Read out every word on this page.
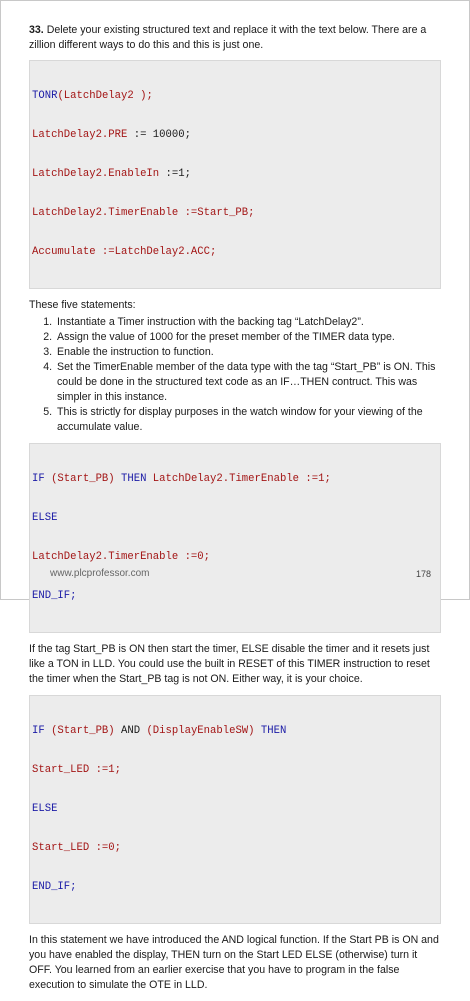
33. Delete your existing structured text and replace it with the text below. There are a zillion different ways to do this and this is just one.

TONR(LatchDelay2 );

LatchDelay2.PRE := 10000;

LatchDelay2.EnableIn :=1;

LatchDelay2.TimerEnable :=Start_PB;

Accumulate :=LatchDelay2.ACC;

These five statements:

1. Instantiate a Timer instruction with the backing tag “LatchDelay2”.
2. Assign the value of 1000 for the preset member of the TIMER data type.
3. Enable the instruction to function.
4. Set the TimerEnable member of the data type with the tag “Start_PB” is ON. This could be done in the structured text code as an IF…THEN contruct. This was simpler in this instance.
5. This is strictly for display purposes in the watch window for your viewing of the accumulate value.

IF (Start_PB) THEN LatchDelay2.TimerEnable :=1;

ELSE

LatchDelay2.TimerEnable :=0;

END_IF;

If the tag Start_PB is ON then start the timer, ELSE disable the timer and it resets just like a TON in LLD. You could use the built in RESET of this TIMER instruction to reset the timer when the Start_PB tag is not ON. Either way, it is your choice.

IF (Start_PB) AND (DisplayEnableSW) THEN

Start_LED :=1;

ELSE

Start_LED :=0;

END_IF;

In this statement we have introduced the AND logical function. If the Start PB is ON and you have enabled the display, THEN turn on the Start LED ELSE (otherwise) turn it OFF. You learned from an earlier exercise that you have to program in the false execution to simulate the OTE in LLD.

www.plcprofessor.com	178
